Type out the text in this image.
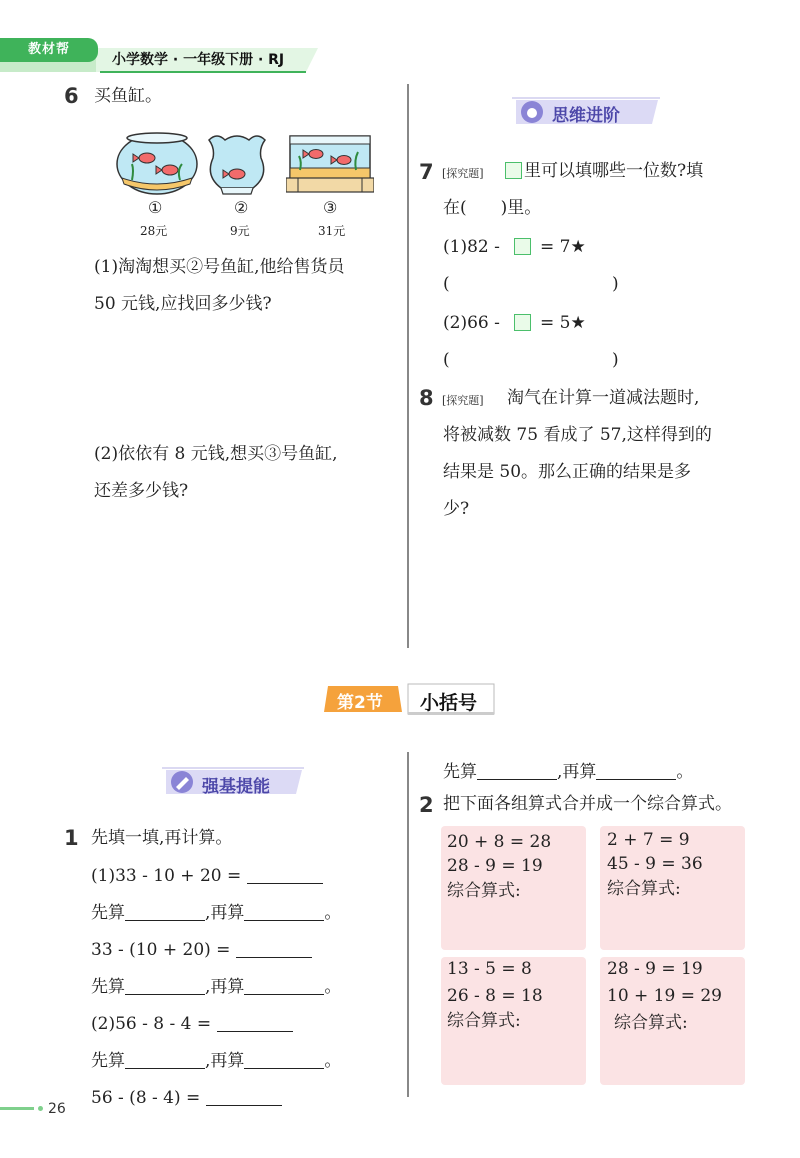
教材帮
小学数学 · 一年级下册 · RJ
6 买鱼缸。
①	②	③
28元	9元	31元
(1)淘淘想买②号鱼缸,他给售货员
50 元钱,应找回多少钱?
(2)依依有 8 元钱,想买③号鱼缸,
还差多少钱?
思维进阶
7 [探究题] 里可以填哪些一位数?填
在(　　)里。
(1)82 - = 7★
(	)
(2)66 - = 5★
(	)
8 [探究题] 淘气在计算一道减法题时,
将被减数 75 看成了 57,这样得到的
结果是 50。那么正确的结果是多
少?
第2节 小括号
强基提能
1 先填一填,再计算。
(1)33 - 10 + 20 =
先算	,再算	。
33 - (10 + 20) =
先算	,再算	。
(2)56 - 8 - 4 =
先算	,再算	。
56 - (8 - 4) =
先算	,再算	。
2 把下面各组算式合并成一个综合算式。
20 + 8 = 28
28 - 9 = 19
综合算式:
2 + 7 = 9
45 - 9 = 36
综合算式:
13 - 5 = 8
26 - 8 = 18
综合算式:
28 - 9 = 19
10 + 19 = 29
综合算式:
26
